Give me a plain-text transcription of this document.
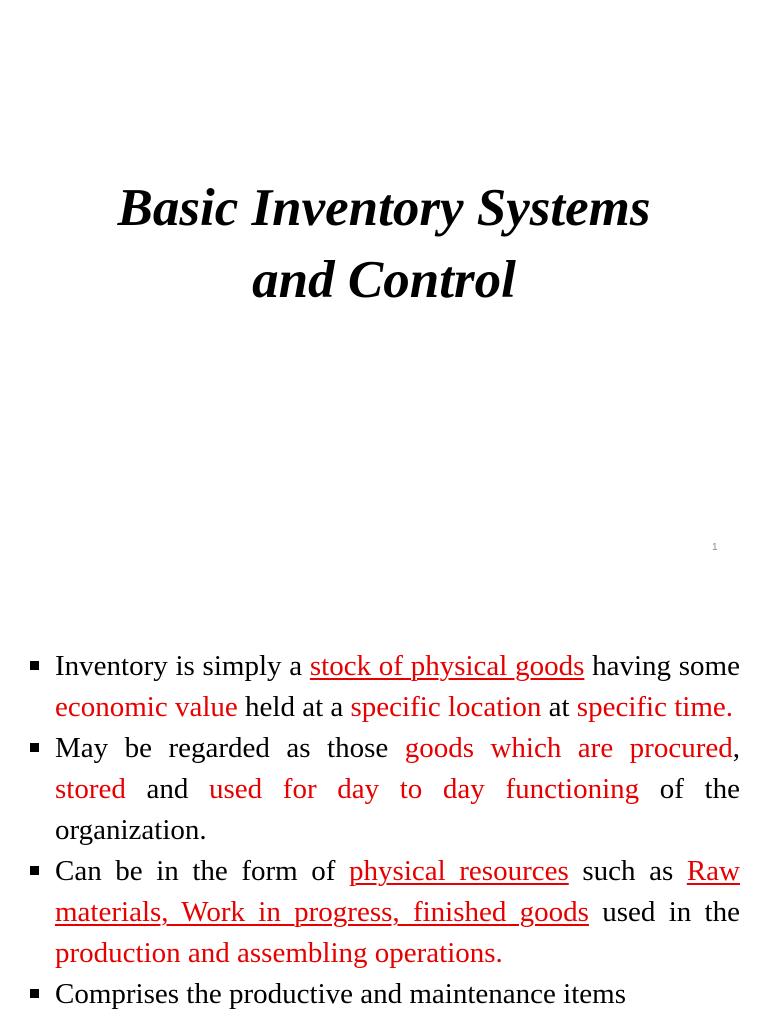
Basic Inventory Systems
and Control
1
Inventory is simply a stock of physical goods having some economic value held at a specific location at specific time.
May be regarded as those goods which are procured, stored and used for day to day functioning of the organization.
Can be in the form of physical resources such as Raw materials, Work in progress, finished goods used in the production and assembling operations.
Comprises the productive and maintenance items
